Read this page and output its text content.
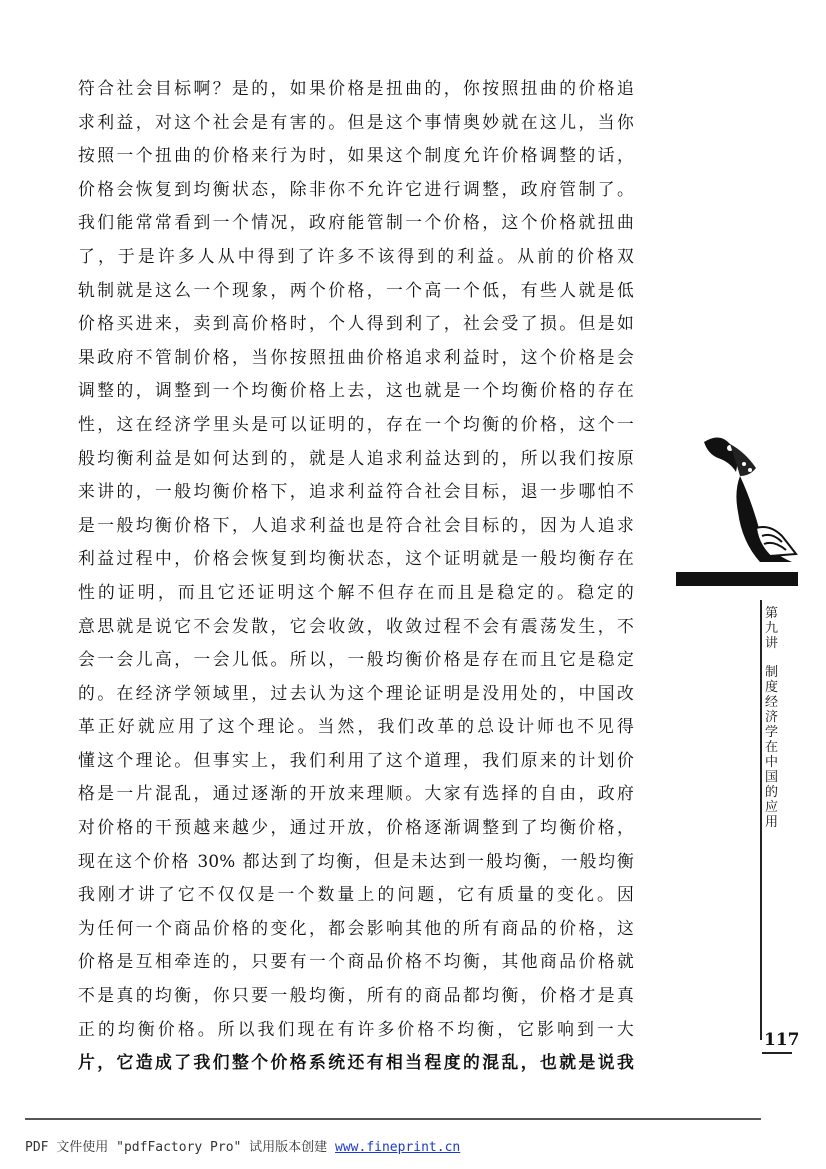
符合社会目标啊？是的，如果价格是扭曲的，你按照扭曲的价格追
求利益，对这个社会是有害的。但是这个事情奥妙就在这儿，当你
按照一个扭曲的价格来行为时，如果这个制度允许价格调整的话，
价格会恢复到均衡状态，除非你不允许它进行调整，政府管制了。
我们能常常看到一个情况，政府能管制一个价格，这个价格就扭曲
了，于是许多人从中得到了许多不该得到的利益。从前的价格双
轨制就是这么一个现象，两个价格，一个高一个低，有些人就是低
价格买进来，卖到高价格时，个人得到利了，社会受了损。但是如
果政府不管制价格，当你按照扭曲价格追求利益时，这个价格是会
调整的，调整到一个均衡价格上去，这也就是一个均衡价格的存在
性，这在经济学里头是可以证明的，存在一个均衡的价格，这个一
般均衡利益是如何达到的，就是人追求利益达到的，所以我们按原
来讲的，一般均衡价格下，追求利益符合社会目标，退一步哪怕不
是一般均衡价格下，人追求利益也是符合社会目标的，因为人追求
利益过程中，价格会恢复到均衡状态，这个证明就是一般均衡存在
性的证明，而且它还证明这个解不但存在而且是稳定的。稳定的
意思就是说它不会发散，它会收敛，收敛过程不会有震荡发生，不
会一会儿高，一会儿低。所以，一般均衡价格是存在而且它是稳定
的。在经济学领域里，过去认为这个理论证明是没用处的，中国改
革正好就应用了这个理论。当然，我们改革的总设计师也不见得
懂这个理论。但事实上，我们利用了这个道理，我们原来的计划价
格是一片混乱，通过逐渐的开放来理顺。大家有选择的自由，政府
对价格的干预越来越少，通过开放，价格逐渐调整到了均衡价格，
现在这个价格 30% 都达到了均衡，但是未达到一般均衡，一般均衡
我刚才讲了它不仅仅是一个数量上的问题，它有质量的变化。因
为任何一个商品价格的变化，都会影响其他的所有商品的价格，这
价格是互相牵连的，只要有一个商品价格不均衡，其他商品价格就
不是真的均衡，你只要一般均衡，所有的商品都均衡，价格才是真
正的均衡价格。所以我们现在有许多价格不均衡，它影响到一大
片，它造成了我们整个价格系统还有相当程度的混乱，也就是说我
第九讲
制度经济学在中国的应用
117
PDF 文件使用 "pdfFactory Pro" 试用版本创建 www.fineprint.cn
